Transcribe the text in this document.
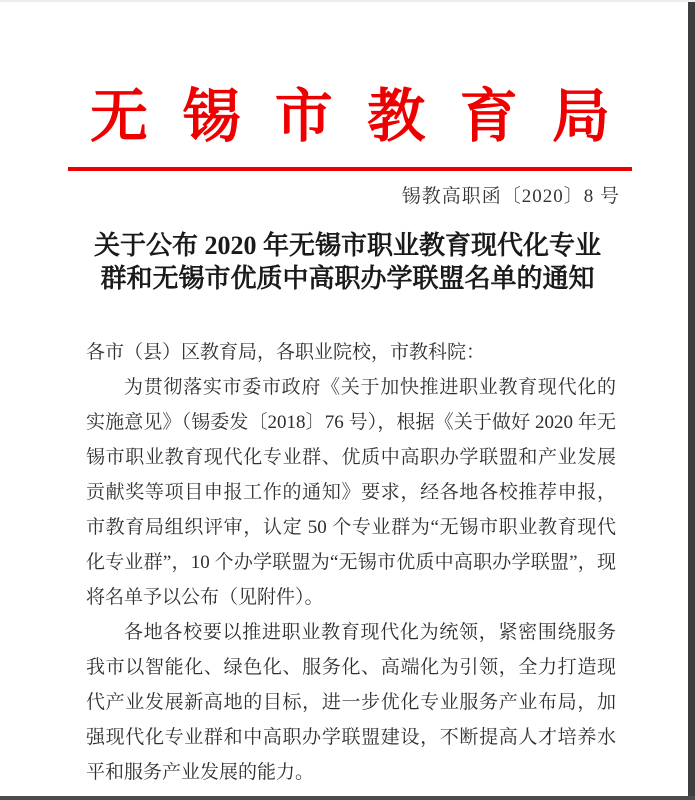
无锡市教育局
锡教高职函〔2020〕8 号
关于公布 2020 年无锡市职业教育现代化专业群和无锡市优质中高职办学联盟名单的通知

各市（县）区教育局，各职业院校，市教科院：

为贯彻落实市委市政府《关于加快推进职业教育现代化的实施意见》（锡委发〔2018〕76 号），根据《关于做好 2020 年无锡市职业教育现代化专业群、优质中高职办学联盟和产业发展贡献奖等项目申报工作的通知》要求，经各地各校推荐申报，市教育局组织评审，认定 50 个专业群为“无锡市职业教育现代化专业群”，10 个办学联盟为“无锡市优质中高职办学联盟”，现将名单予以公布（见附件）。

各地各校要以推进职业教育现代化为统领，紧密围绕服务我市以智能化、绿色化、服务化、高端化为引领，全力打造现代产业发展新高地的目标，进一步优化专业服务产业布局，加强现代化专业群和中高职办学联盟建设，不断提高人才培养水平和服务产业发展的能力。
